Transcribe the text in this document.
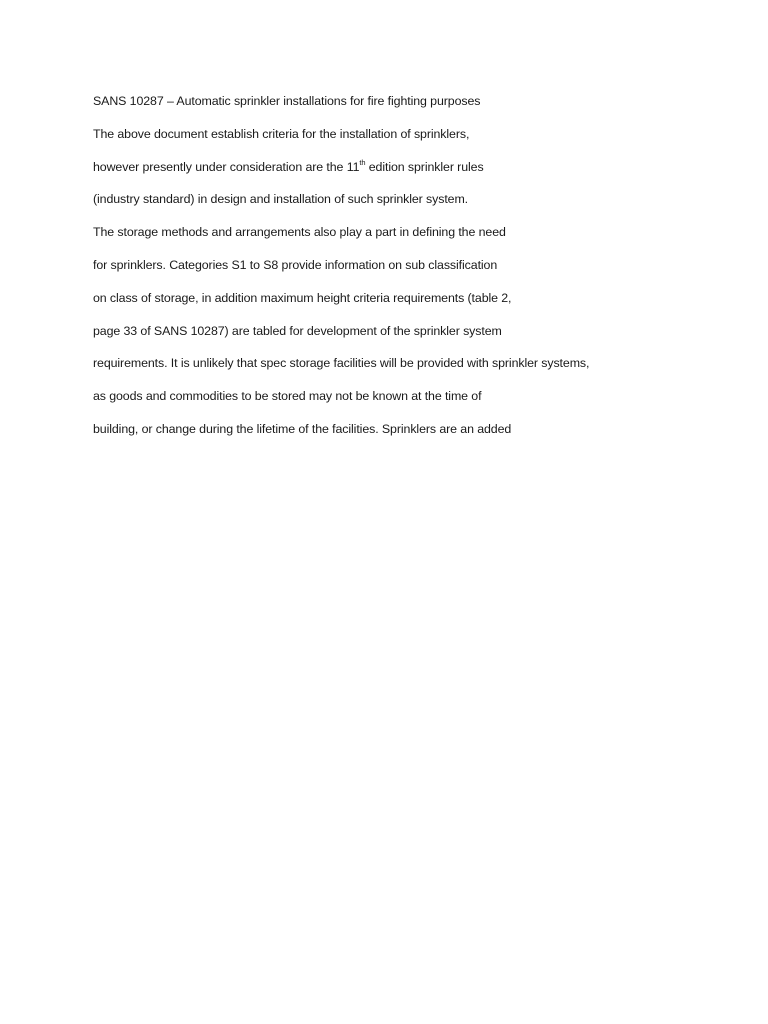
SANS 10287 – Automatic sprinkler installations for fire fighting purposes
The above document establish criteria for the installation of sprinklers,
however presently under consideration are the 11th edition sprinkler rules
(industry standard) in design and installation of such sprinkler system.
The storage methods and arrangements also play a part in defining the need
for sprinklers. Categories S1 to S8 provide information on sub classification
on class of storage, in addition maximum height criteria requirements (table 2,
page 33 of SANS 10287) are tabled for development of the sprinkler system
requirements. It is unlikely that spec storage facilities will be provided with sprinkler systems,
as goods and commodities to be stored may not be known at the time of
building, or change during the lifetime of the facilities. Sprinklers are an added
